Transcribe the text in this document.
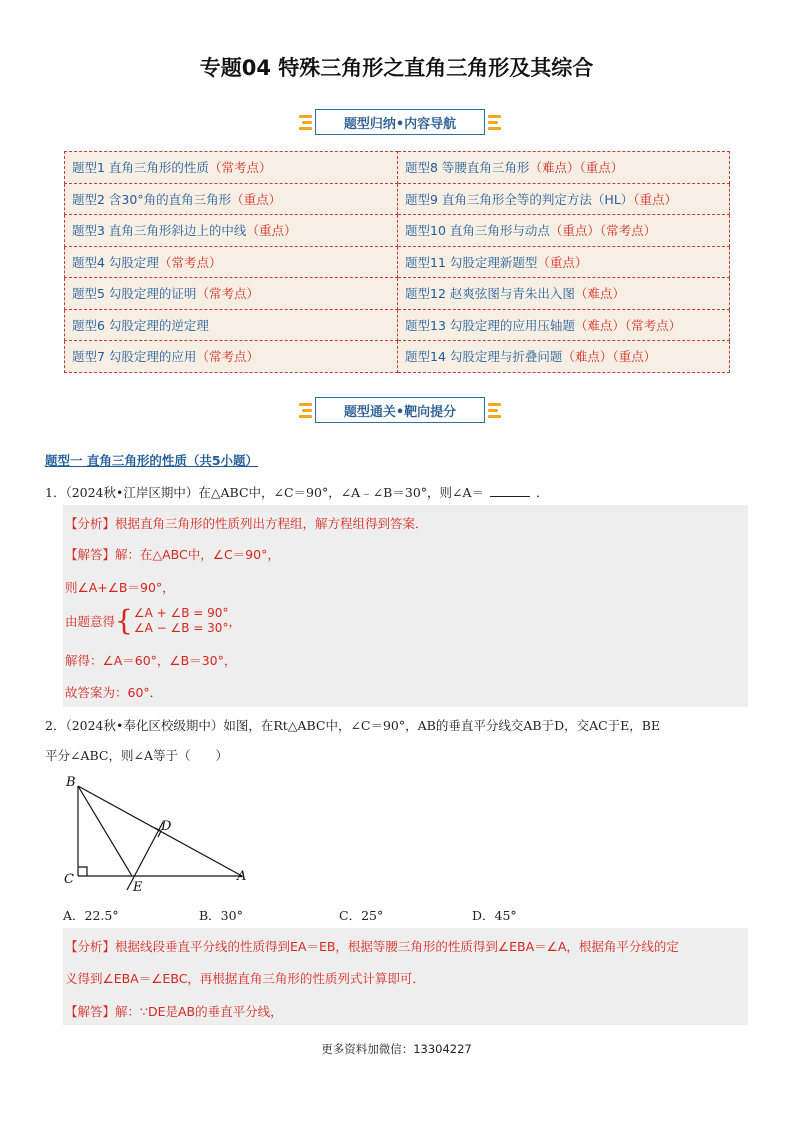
专题04 特殊三角形之直角三角形及其综合
题型归纳•内容导航
题型1 直角三角形的性质（常考点）	题型8 等腰直角三角形（难点）（重点）
题型2 含30°角的直角三角形（重点）	题型9 直角三角形全等的判定方法（HL）（重点）
题型3 直角三角形斜边上的中线（重点）	题型10 直角三角形与动点（重点）（常考点）
题型4 勾股定理（常考点）	题型11 勾股定理新题型（重点）
题型5 勾股定理的证明（常考点）	题型12 赵爽弦图与青朱出入图（难点）
题型6 勾股定理的逆定理	题型13 勾股定理的应用压轴题（难点）（常考点）
题型7 勾股定理的应用（常考点）	题型14 勾股定理与折叠问题（难点）（重点）
题型通关•靶向提分
题型一 直角三角形的性质（共5小题）
1．（2024秋•江岸区期中）在△ABC中，∠C＝90°，∠A﹣∠B＝30°，则∠A＝	．
【分析】根据直角三角形的性质列出方程组，解方程组得到答案．
【解答】解：在△ABC中，∠C＝90°，
则∠A+∠B＝90°，
由题意得 { ∠A + ∠B = 90°
∠A − ∠B = 30° ，
解得：∠A＝60°，∠B＝30°，
故答案为：60°．
2．（2024秋•奉化区校级期中）如图，在Rt△ABC中，∠C＝90°，AB的垂直平分线交AB于D，交AC于E，BE
平分∠ABC，则∠A等于（　　）
B
C
D
E
A
A．22.5°	B．30°	C．25°	D．45°
【分析】根据线段垂直平分线的性质得到EA＝EB，根据等腰三角形的性质得到∠EBA＝∠A，根据角平分线的定
义得到∠EBA＝∠EBC，再根据直角三角形的性质列式计算即可．
【解答】解：∵DE是AB的垂直平分线，
更多资料加微信：13304227
